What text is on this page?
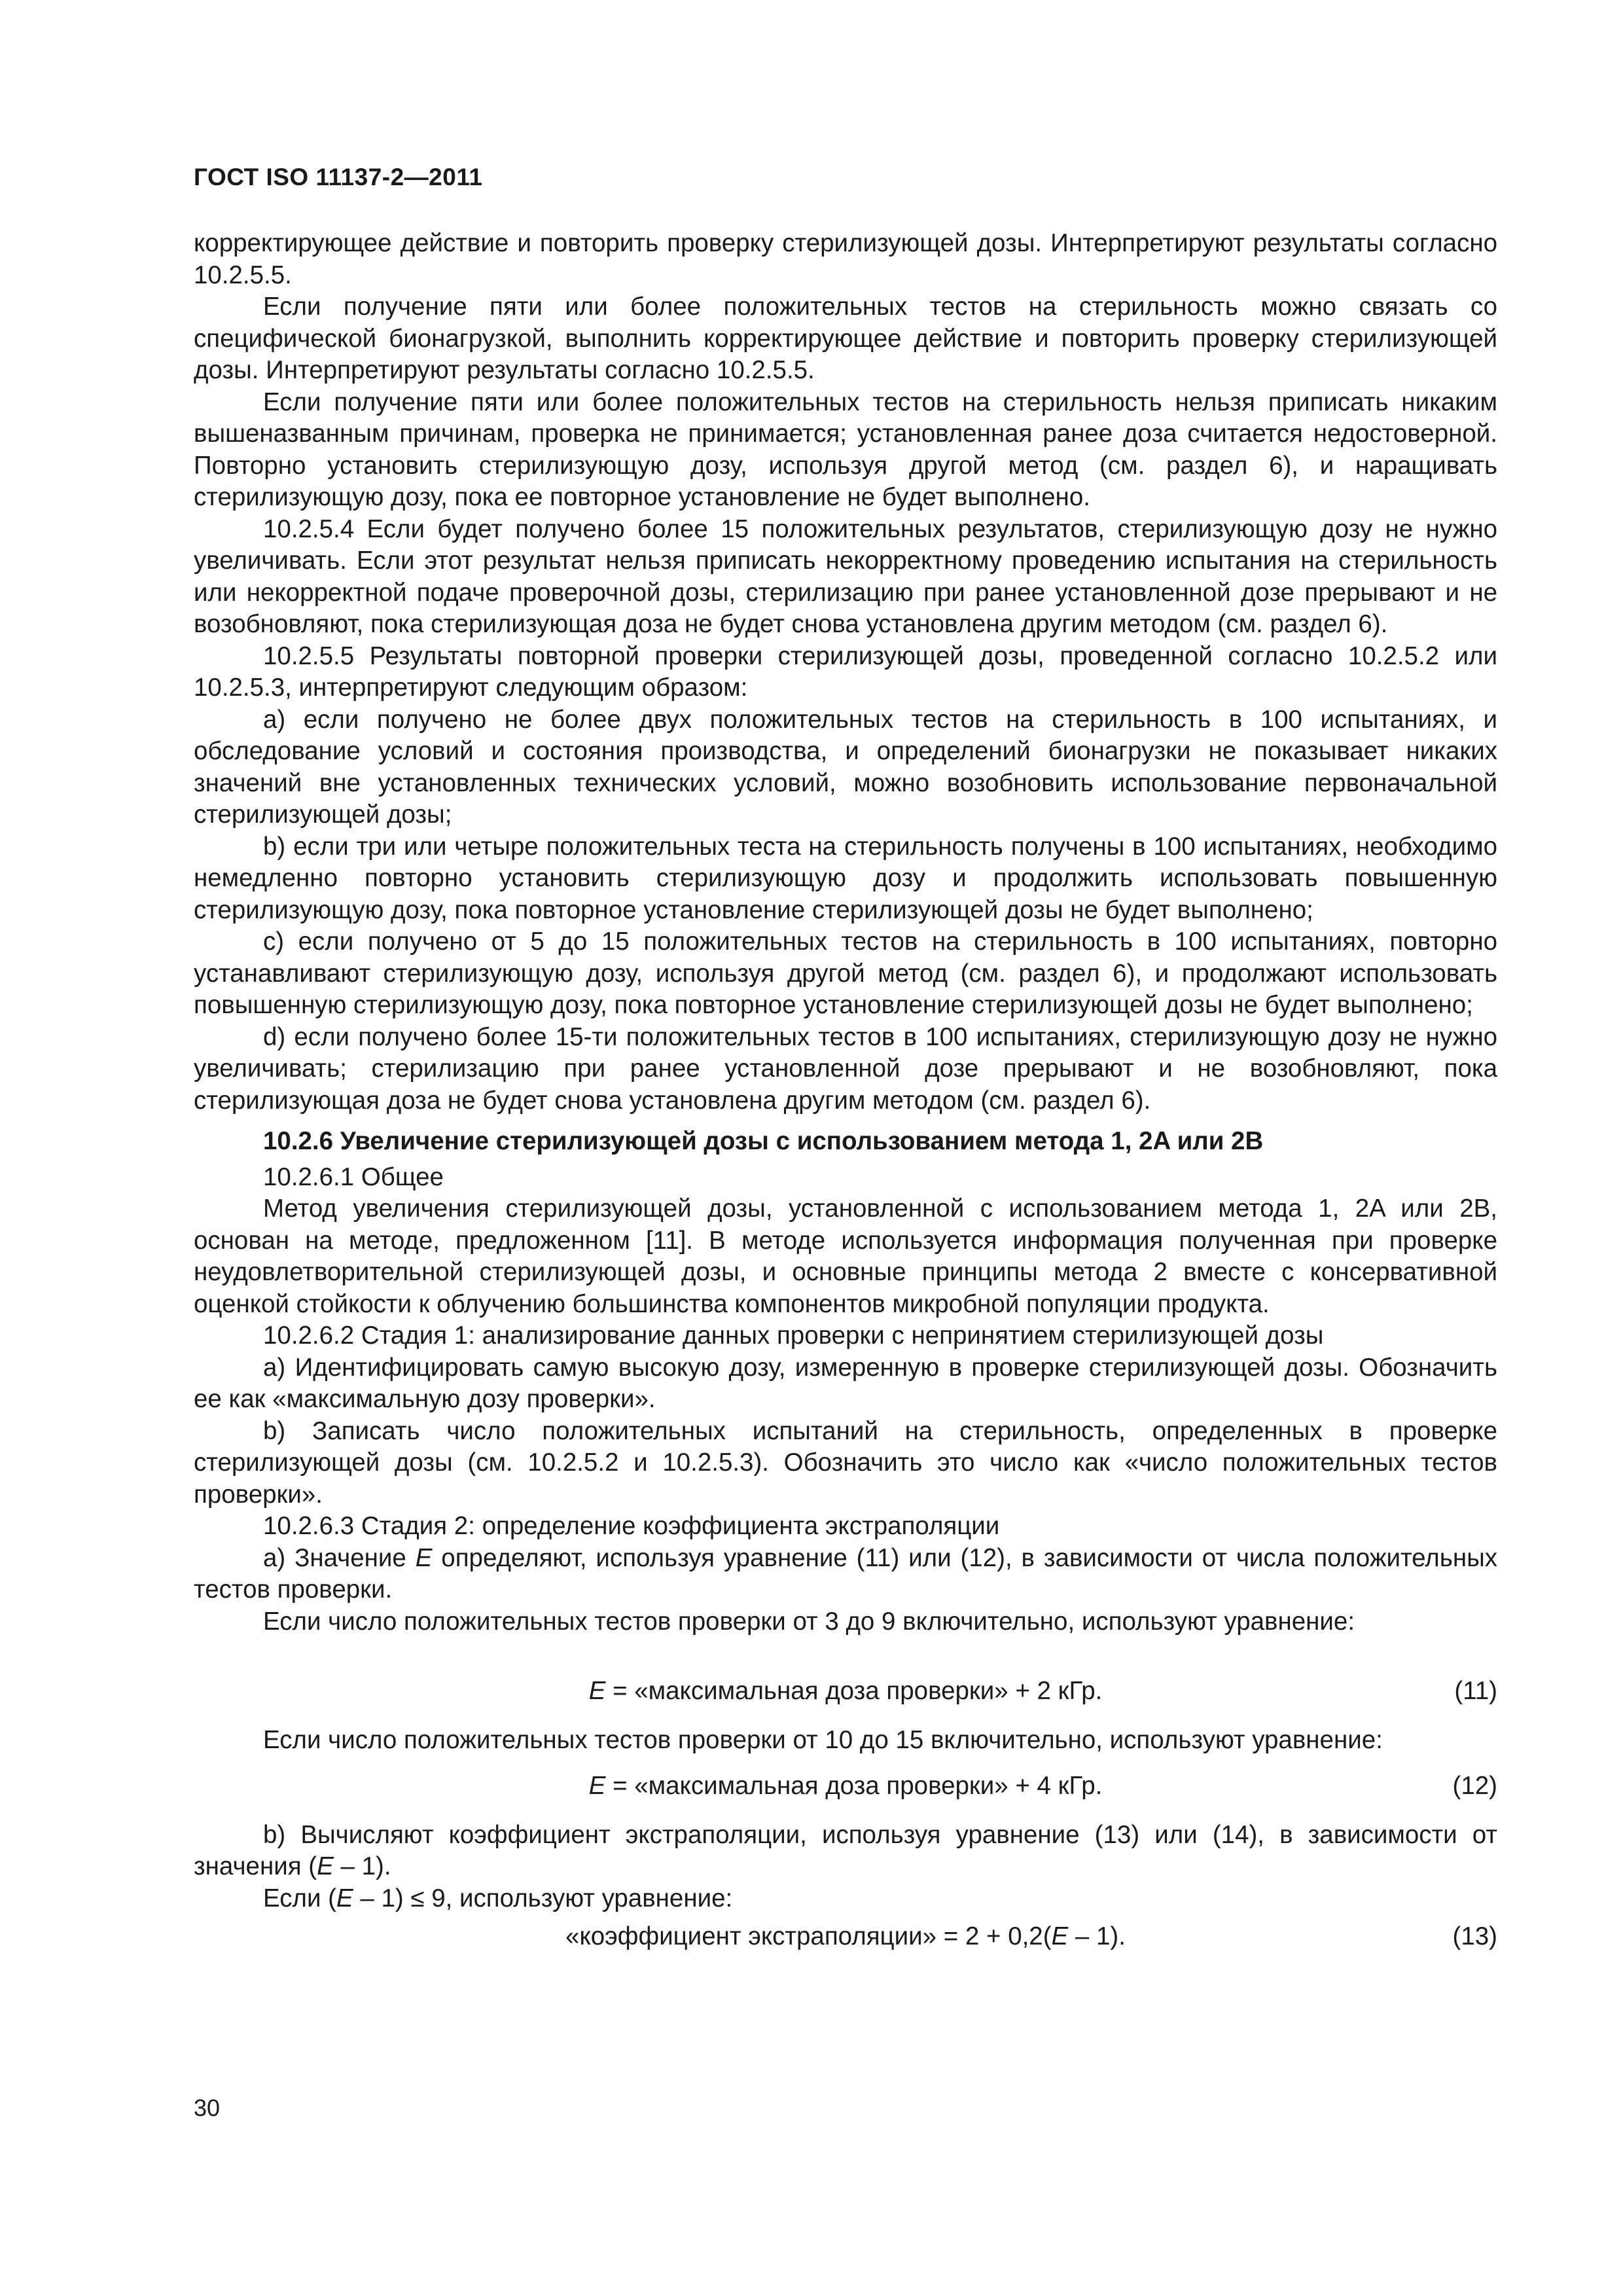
ГОСТ ISO 11137-2—2011

корректирующее действие и повторить проверку стерилизующей дозы. Интерпретируют результаты согласно 10.2.5.5.

Если получение пяти или более положительных тестов на стерильность можно связать со специфической бионагрузкой, выполнить корректирующее действие и повторить проверку стерилизующей дозы. Интерпретируют результаты согласно 10.2.5.5.

Если получение пяти или более положительных тестов на стерильность нельзя приписать никаким вышеназванным причинам, проверка не принимается; установленная ранее доза считается недостоверной. Повторно установить стерилизующую дозу, используя другой метод (см. раздел 6), и наращивать стерилизующую дозу, пока ее повторное установление не будет выполнено.

10.2.5.4 Если будет получено более 15 положительных результатов, стерилизующую дозу не нужно увеличивать. Если этот результат нельзя приписать некорректному проведению испытания на стерильность или некорректной подаче проверочной дозы, стерилизацию при ранее установленной дозе прерывают и не возобновляют, пока стерилизующая доза не будет снова установлена другим методом (см. раздел 6).

10.2.5.5 Результаты повторной проверки стерилизующей дозы, проведенной согласно 10.2.5.2 или 10.2.5.3, интерпретируют следующим образом:

a) если получено не более двух положительных тестов на стерильность в 100 испытаниях, и обследование условий и состояния производства, и определений бионагрузки не показывает никаких значений вне установленных технических условий, можно возобновить использование первоначальной стерилизующей дозы;

b) если три или четыре положительных теста на стерильность получены в 100 испытаниях, необходимо немедленно повторно установить стерилизующую дозу и продолжить использовать повышенную стерилизующую дозу, пока повторное установление стерилизующей дозы не будет выполнено;

c) если получено от 5 до 15 положительных тестов на стерильность в 100 испытаниях, повторно устанавливают стерилизующую дозу, используя другой метод (см. раздел 6), и продолжают использовать повышенную стерилизующую дозу, пока повторное установление стерилизующей дозы не будет выполнено;

d) если получено более 15-ти положительных тестов в 100 испытаниях, стерилизующую дозу не нужно увеличивать; стерилизацию при ранее установленной дозе прерывают и не возобновляют, пока стерилизующая доза не будет снова установлена другим методом (см. раздел 6).

10.2.6 Увеличение стерилизующей дозы с использованием метода 1, 2A или 2B

10.2.6.1 Общее

Метод увеличения стерилизующей дозы, установленной с использованием метода 1, 2A или 2B, основан на методе, предложенном [11]. В методе используется информация полученная при проверке неудовлетворительной стерилизующей дозы, и основные принципы метода 2 вместе с консервативной оценкой стойкости к облучению большинства компонентов микробной популяции продукта.

10.2.6.2 Стадия 1: анализирование данных проверки с непринятием стерилизующей дозы

a) Идентифицировать самую высокую дозу, измеренную в проверке стерилизующей дозы. Обозначить ее как «максимальную дозу проверки».

b) Записать число положительных испытаний на стерильность, определенных в проверке стерилизующей дозы (см. 10.2.5.2 и 10.2.5.3). Обозначить это число как «число положительных тестов проверки».

10.2.6.3 Стадия 2: определение коэффициента экстраполяции

a) Значение E определяют, используя уравнение (11) или (12), в зависимости от числа положительных тестов проверки.

Если число положительных тестов проверки от 3 до 9 включительно, используют уравнение:

E = «максимальная доза проверки» + 2 кГр.	(11)

Если число положительных тестов проверки от 10 до 15 включительно, используют уравнение:

E = «максимальная доза проверки» + 4 кГр.	(12)

b) Вычисляют коэффициент экстраполяции, используя уравнение (13) или (14), в зависимости от значения (E – 1).

Если (E – 1) ≤ 9, используют уравнение:

«коэффициент экстраполяции» = 2 + 0,2(E – 1).	(13)
30
